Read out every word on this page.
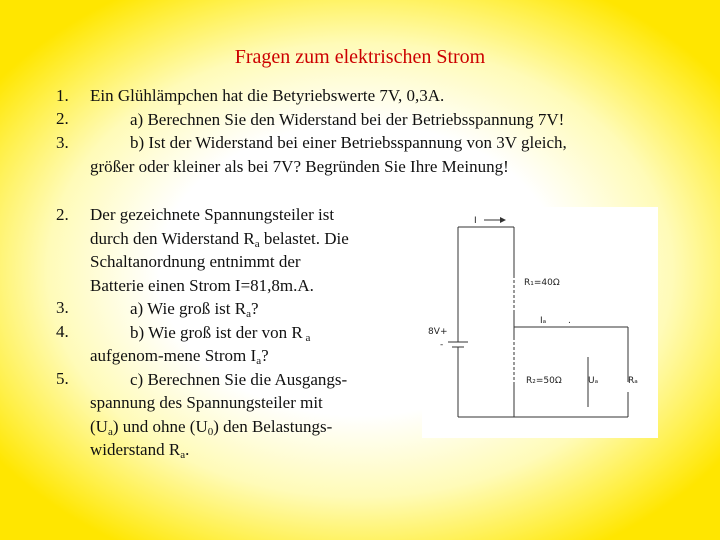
Fragen zum elektrischen Strom
1.
2.
3.
Ein Glühlämpchen hat die Betyriebswerte 7V, 0,3A.
a) Berechnen Sie den Widerstand bei der Betriebsspannung 7V!
b) Ist der Widerstand bei einer Betriebsspannung von 3V gleich,
größer oder kleiner als bei 7V? Begründen Sie Ihre Meinung!
2.
3.
4.
5.
Der gezeichnete Spannungsteiler ist
durch den Widerstand $R_a$ belastet. Die
Schaltanordnung entnimmt der
Batterie einen Strom I=81,8m.A.
a) Wie groß ist $R_a$?
b) Wie groß ist der von R $_a$
aufgenom-mene Strom $I_a$?
c) Berechnen Sie die Ausgangs-
spannung des Spannungsteiler mit
$(U_a)$ und ohne $(U_0)$ den Belastungs-
widerstand $R_a$.
I
R₁=40Ω
Iₐ .
8V +
-
R₂=50Ω	Uₐ	Rₐ
